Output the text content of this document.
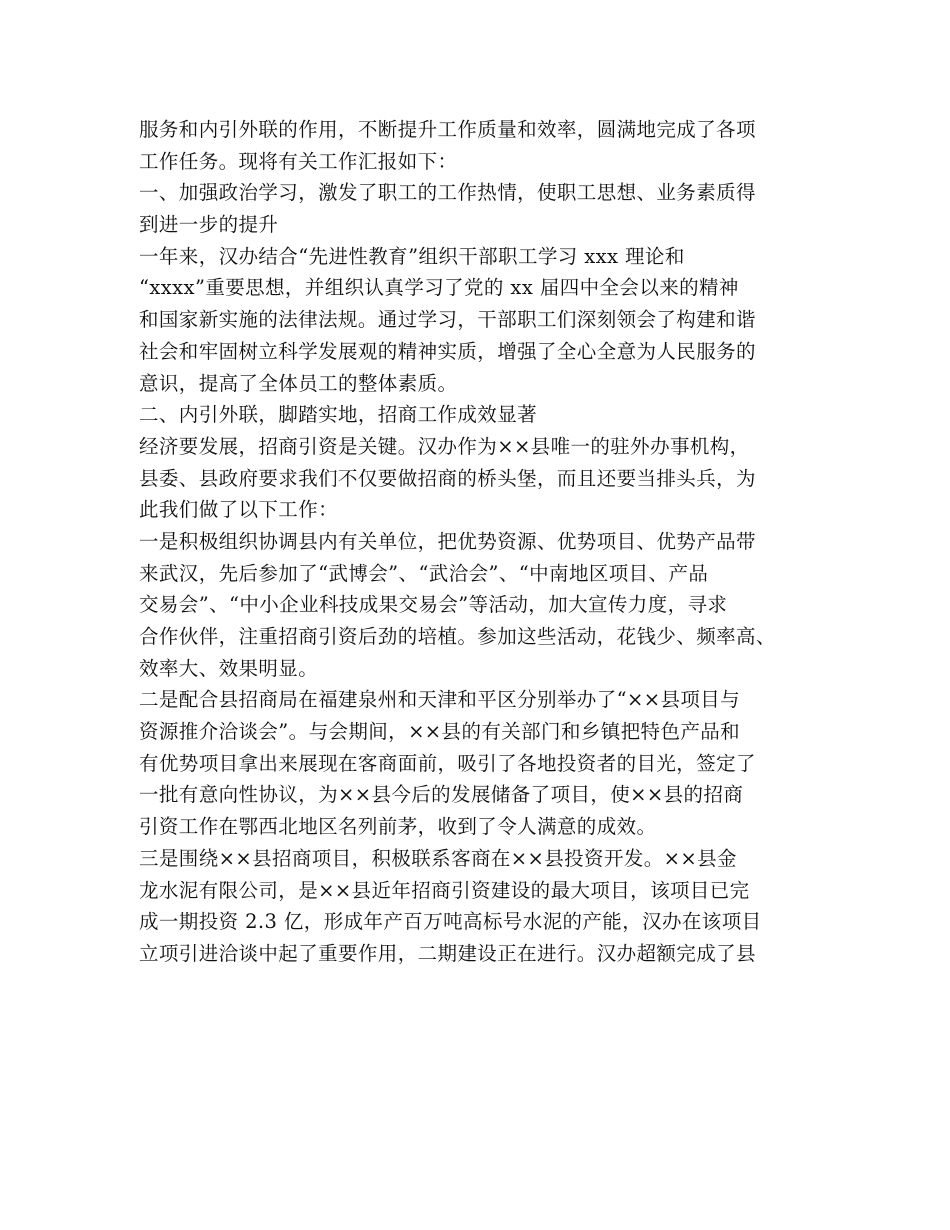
服务和内引外联的作用，不断提升工作质量和效率，圆满地完成了各项
工作任务。现将有关工作汇报如下：
一、加强政治学习，激发了职工的工作热情，使职工思想、业务素质得
到进一步的提升
一年来，汉办结合“先进性教育”组织干部职工学习 xxx 理论和
“xxxx”重要思想，并组织认真学习了党的 xx 届四中全会以来的精神
和国家新实施的法律法规。通过学习，干部职工们深刻领会了构建和谐
社会和牢固树立科学发展观的精神实质，增强了全心全意为人民服务的
意识，提高了全体员工的整体素质。
二、内引外联，脚踏实地，招商工作成效显著
经济要发展，招商引资是关键。汉办作为××县唯一的驻外办事机构，
县委、县政府要求我们不仅要做招商的桥头堡，而且还要当排头兵，为
此我们做了以下工作：
一是积极组织协调县内有关单位，把优势资源、优势项目、优势产品带
来武汉，先后参加了“武博会”、“武洽会”、“中南地区项目、产品
交易会”、“中小企业科技成果交易会”等活动，加大宣传力度，寻求
合作伙伴，注重招商引资后劲的培植。参加这些活动，花钱少、频率高、
效率大、效果明显。
二是配合县招商局在福建泉州和天津和平区分别举办了“××县项目与
资源推介洽谈会”。与会期间，××县的有关部门和乡镇把特色产品和
有优势项目拿出来展现在客商面前，吸引了各地投资者的目光，签定了
一批有意向性协议，为××县今后的发展储备了项目，使××县的招商
引资工作在鄂西北地区名列前茅，收到了令人满意的成效。
三是围绕××县招商项目，积极联系客商在××县投资开发。××县金
龙水泥有限公司，是××县近年招商引资建设的最大项目，该项目已完
成一期投资 2.3 亿，形成年产百万吨高标号水泥的产能，汉办在该项目
立项引进洽谈中起了重要作用，二期建设正在进行。汉办超额完成了县
